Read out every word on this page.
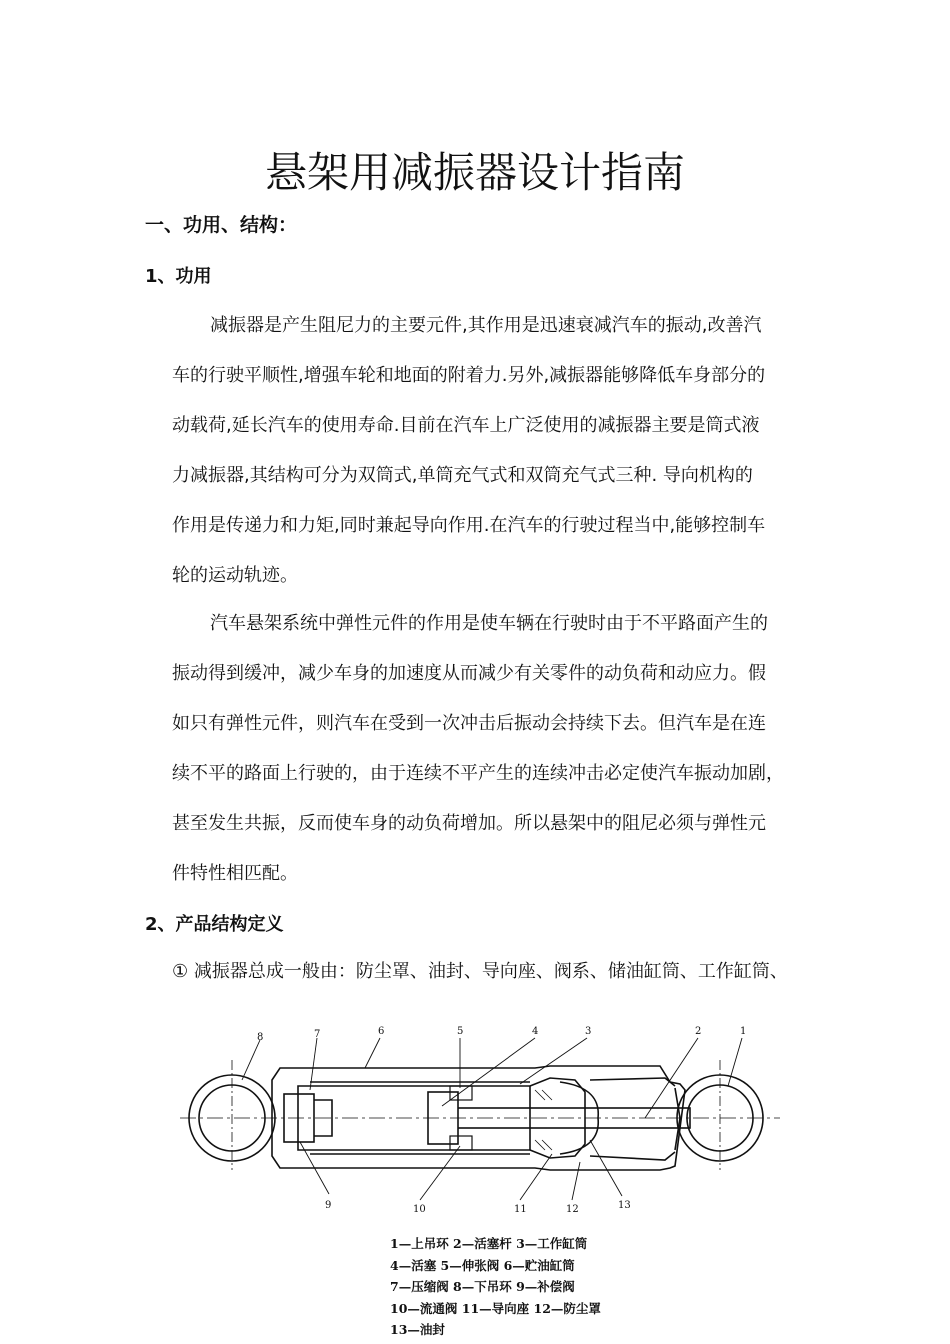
悬架用减振器设计指南
一、功用、结构：
1、功用
减振器是产生阻尼力的主要元件,其作用是迅速衰减汽车的振动,改善汽
车的行驶平顺性,增强车轮和地面的附着力.另外,减振器能够降低车身部分的
动载荷,延长汽车的使用寿命.目前在汽车上广泛使用的减振器主要是筒式液
力减振器,其结构可分为双筒式,单筒充气式和双筒充气式三种. 导向机构的
作用是传递力和力矩,同时兼起导向作用.在汽车的行驶过程当中,能够控制车
轮的运动轨迹。
汽车悬架系统中弹性元件的作用是使车辆在行驶时由于不平路面产生的
振动得到缓冲，减少车身的加速度从而减少有关零件的动负荷和动应力。假
如只有弹性元件，则汽车在受到一次冲击后振动会持续下去。但汽车是在连
续不平的路面上行驶的，由于连续不平产生的连续冲击必定使汽车振动加剧，
甚至发生共振，反而使车身的动负荷增加。所以悬架中的阻尼必须与弹性元
件特性相匹配。
2、产品结构定义
① 减振器总成一般由：防尘罩、油封、导向座、阀系、储油缸筒、工作缸筒、
1
2
3
4
5
6
7
8
9	10	11	12	13
1—上吊环 2—活塞杆 3—工作缸筒
4—活塞 5—伸张阀 6—贮油缸筒
7—压缩阀 8—下吊环 9—补偿阀
10—流通阀 11—导向座 12—防尘罩
13—油封
